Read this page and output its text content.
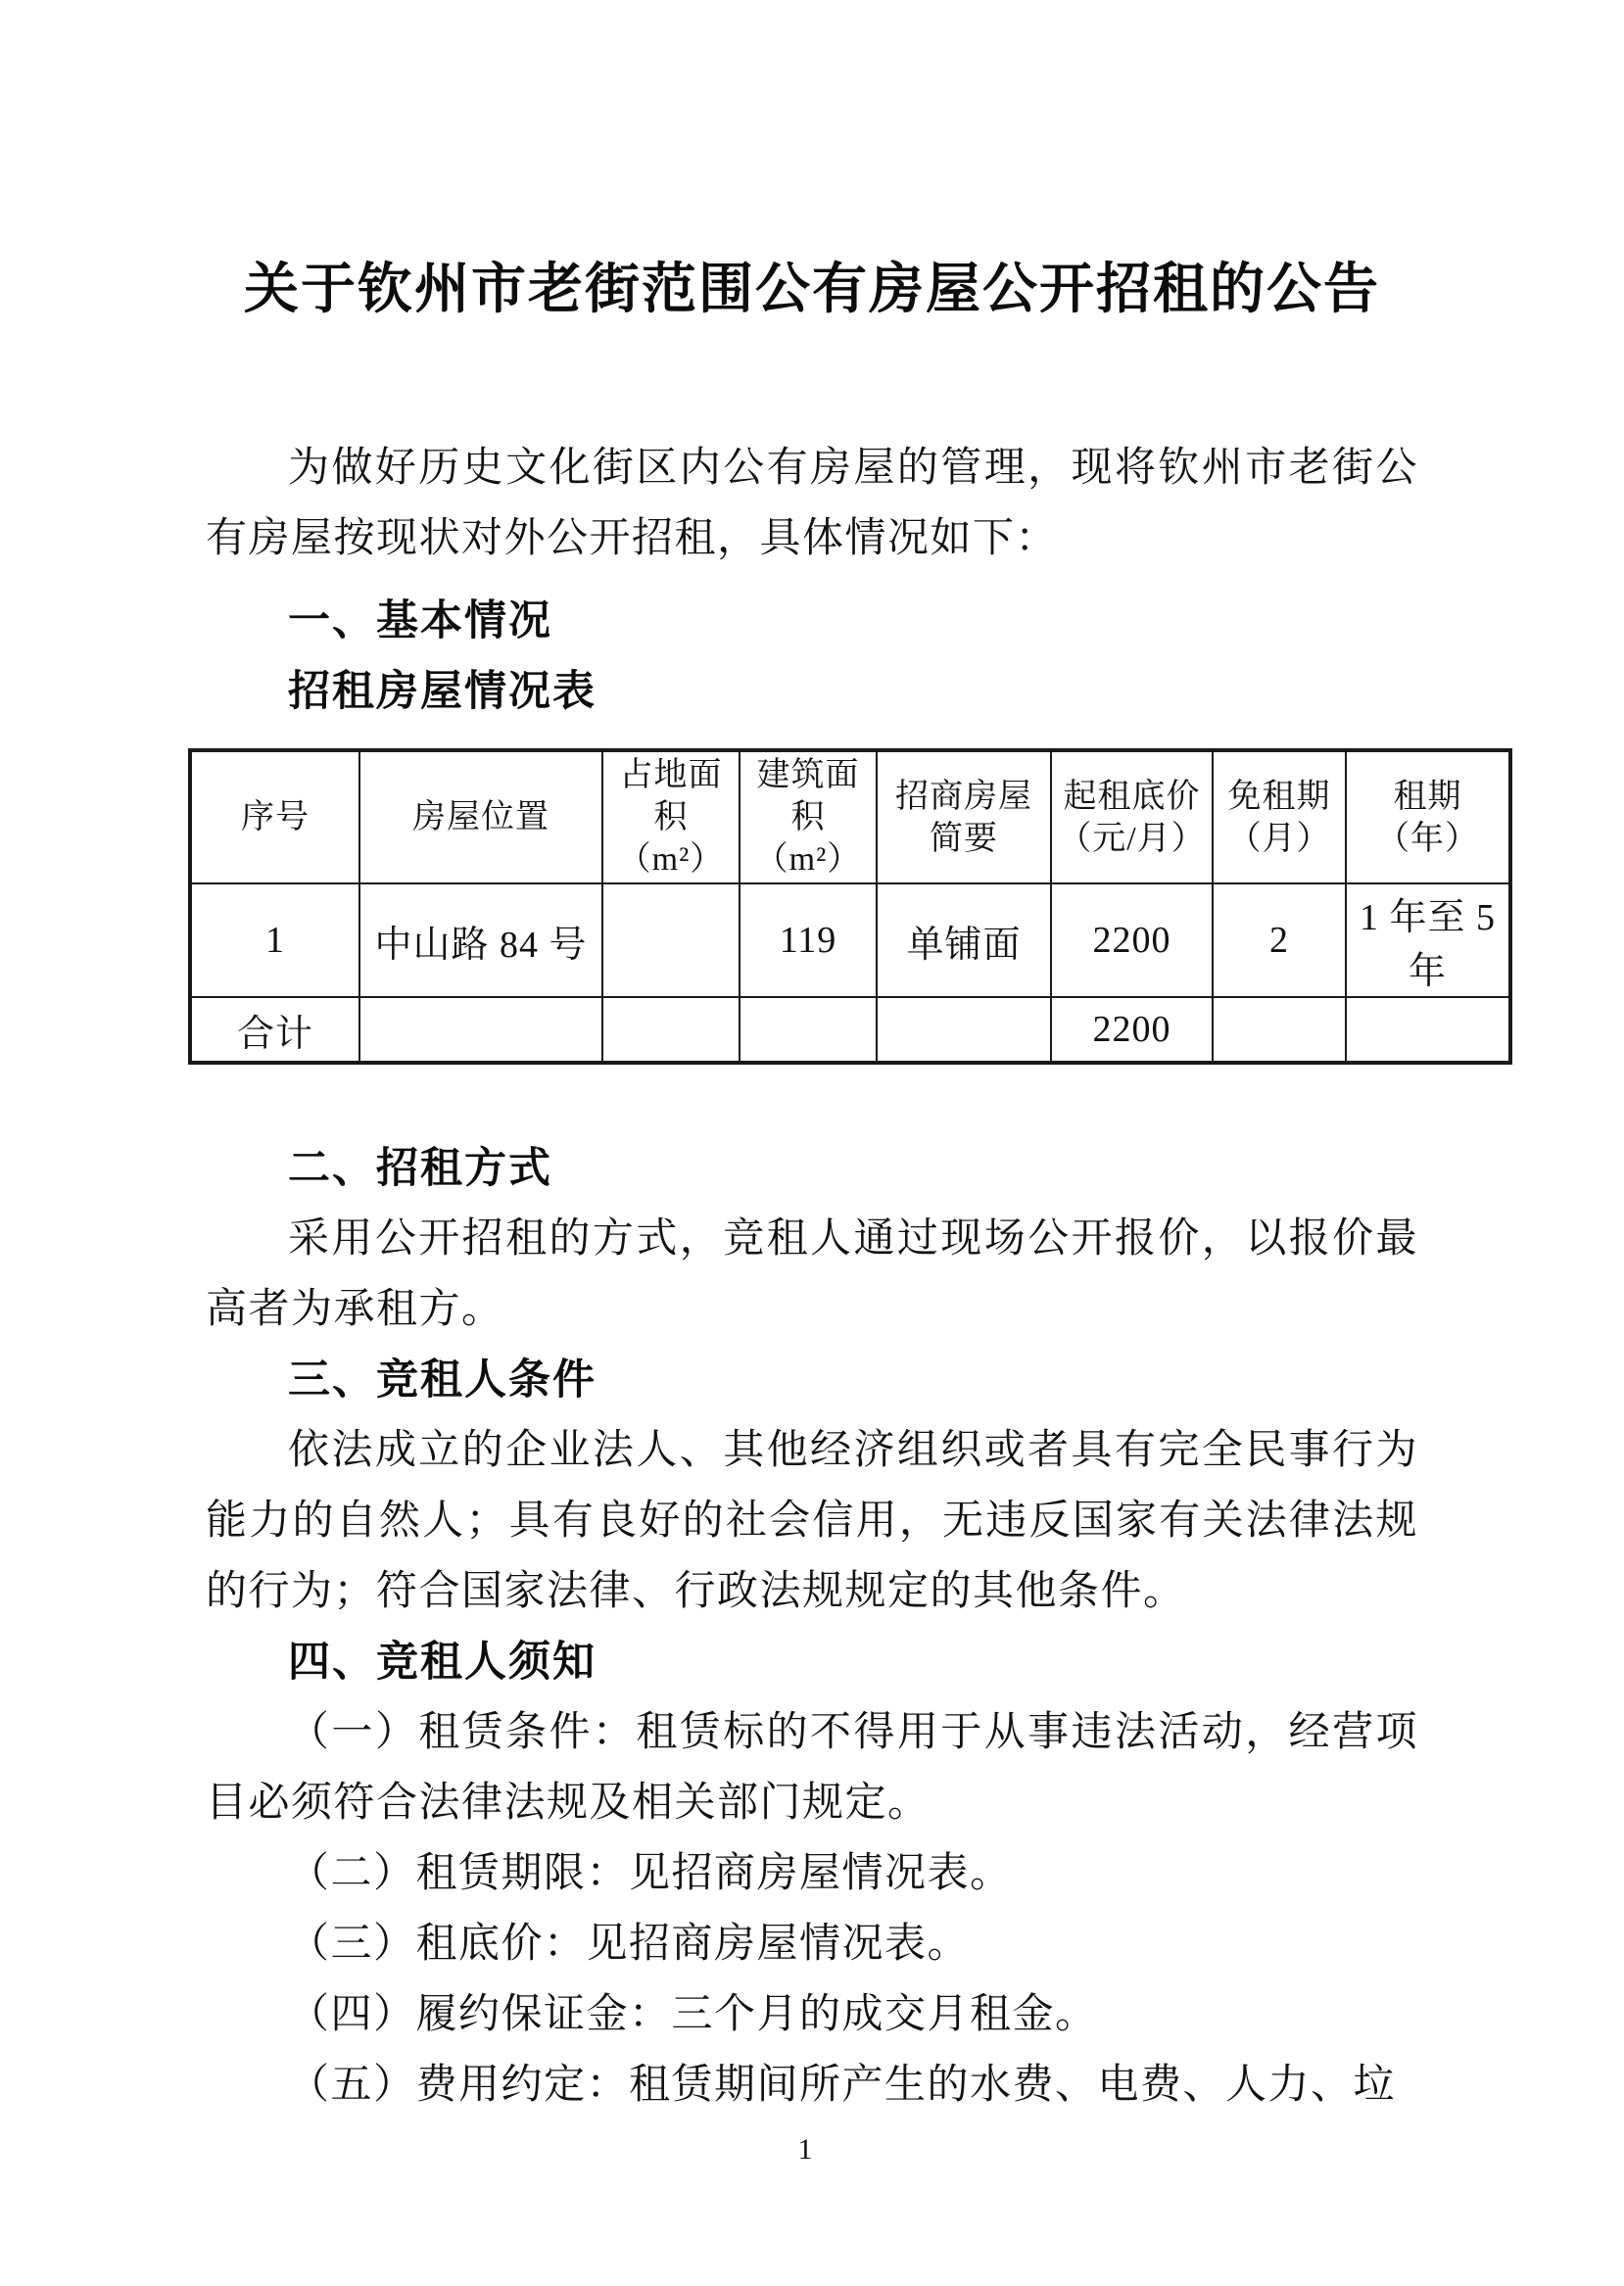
关于钦州市老街范围公有房屋公开招租的公告

为做好历史文化街区内公有房屋的管理，现将钦州市老街公有房屋按现状对外公开招租，具体情况如下：

一、基本情况
招租房屋情况表
序号	房屋位置	占地面积（m²）	建筑面积（m²）	招商房屋简要	起租底价（元/月）	免租期（月）	租期（年）
1	中山路 84 号		119	单铺面	2200	2	1 年至 5 年
合计					2200		
二、招租方式

采用公开招租的方式，竞租人通过现场公开报价，以报价最高者为承租方。

三、竞租人条件

依法成立的企业法人、其他经济组织或者具有完全民事行为能力的自然人；具有良好的社会信用，无违反国家有关法律法规的行为；符合国家法律、行政法规规定的其他条件。

四、竞租人须知

（一）租赁条件：租赁标的不得用于从事违法活动，经营项目必须符合法律法规及相关部门规定。

（二）租赁期限：见招商房屋情况表。

（三）租底价：见招商房屋情况表。

（四）履约保证金：三个月的成交月租金。

（五）费用约定：租赁期间所产生的水费、电费、人力、垃

1
